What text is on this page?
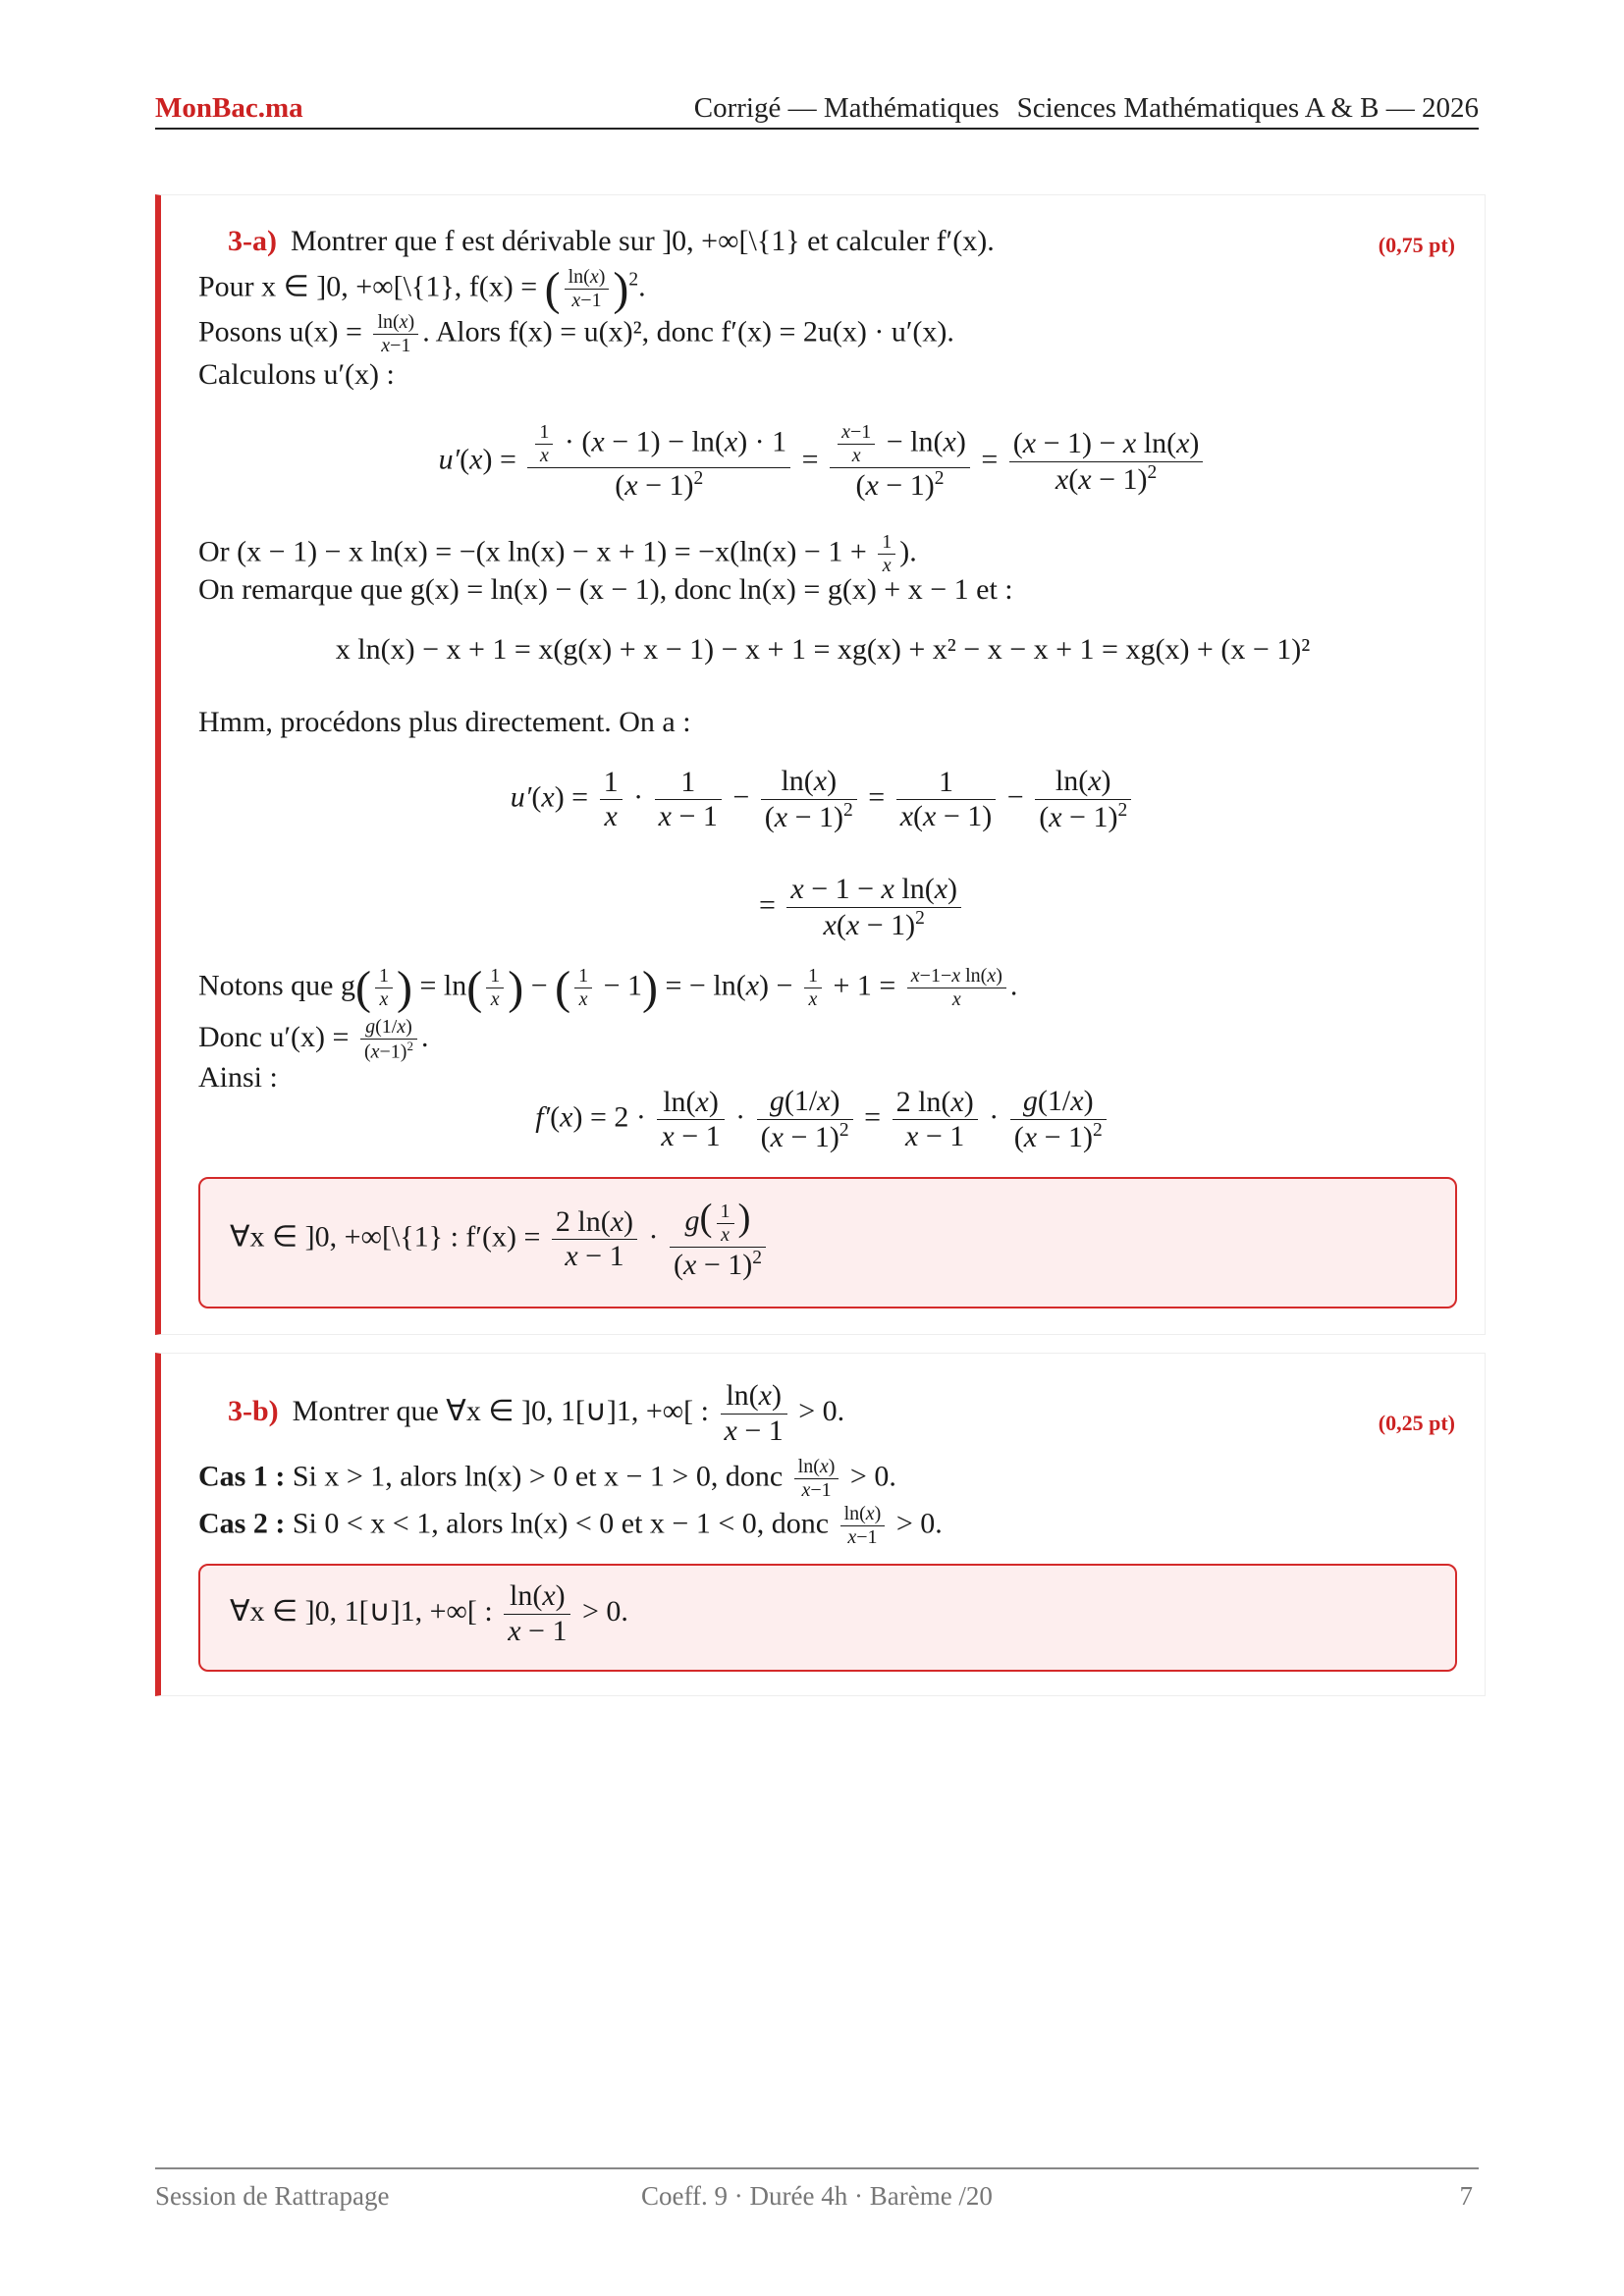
MonBac.ma	Corrigé — Mathématiques Sciences Mathématiques A & B — 2026
3-a) Montrer que f est dérivable sur ]0, +∞[\{1} et calculer f′(x).	(0,75 pt)
Pour x ∈ ]0, +∞[\{1}, f(x) = ( $\frac{\ln(x)}{x-1} )^2$.
Posons $u(x) = \frac{\ln(x)}{x-1}$ . Alors f(x) = u(x)², donc f′(x) = 2u(x) · u′(x).
Calculons u′(x) :
$u'(x) = \frac{\frac{1}{x} \cdot (x - 1) - \ln(x) \cdot 1}{(x - 1)^2} = \frac{\frac{x-1}{x} - \ln(x)}{(x - 1)^2} = \frac{\text{(x − 1) − x ln(x)}}{x(x - 1)^2}$
Or (x − 1) − x ln(x) = −(x $\ln(x) - x + 1) = -x(\ln(x) - 1 + \frac{1}{x}$ ).
On remarque que g(x) = ln(x) − (x − 1), donc ln(x) = g(x) + x − 1 et :
x ln(x) − x + 1 = x(g(x) + x − 1) − x + 1 = xg(x) + x² − x − x + 1 = xg(x) + (x − 1)²
Hmm, procédons plus directement. On a :
$u'(x) = \frac{1}{x} \cdot \frac{1}{x - 1} - \frac{\ln(x)}{(x - 1)^2} = \frac{1}{x(x - 1)} - \frac{\ln(x)}{(x - 1)^2}$
= $\frac{\text{x − 1 − x ln(x)}}{x(x - 1)^2}$
Notons que $g( \frac{1}{x}$ ) = $\ln( \frac{1}{x}$ ) − ( $\frac{1}{x} - 1$) = − $\ln(x) - \frac{1}{x} + 1 = \frac{\text{x−1−x ln(x)}}{x}$ .
Donc $u'(x) = \frac{g(1/x)}{(x-1)^2}$ .
Ainsi :
$f'(x) = 2 \cdot \frac{\ln(x)}{x - 1} \cdot \frac{g(1/x)}{(x - 1)^2} = \frac{2 \ln(x)}{x - 1} \cdot \frac{g(1/x)}{(x - 1)^2}$
∀x ∈ ]0, +∞[\{1} : $f'(x) = \frac{2 \ln(x)}{x - 1} \cdot \frac{g( \frac{1}{x} )}{(x - 1)^2}$
3-b) Montrer que ∀x ∈ ]0, 1[∪]1, +∞[ : $\frac{\ln(x)}{x - 1} > 0$.	(0,25 pt)
Cas 1 : Si x > 1, alors ln(x) > 0 et x − 1 > 0, donc $\frac{\ln(x)}{x-1} > 0$.
Cas 2 : Si 0 < x < 1, alors ln(x) < 0 et x − 1 < 0, donc $\frac{\ln(x)}{x-1} > 0$.
∀x ∈ ]0, 1[∪]1, +∞[ : $\frac{\ln(x)}{x - 1} > 0$.
Session de Rattrapage	Coeff. 9 · Durée 4h · Barème /20	7
